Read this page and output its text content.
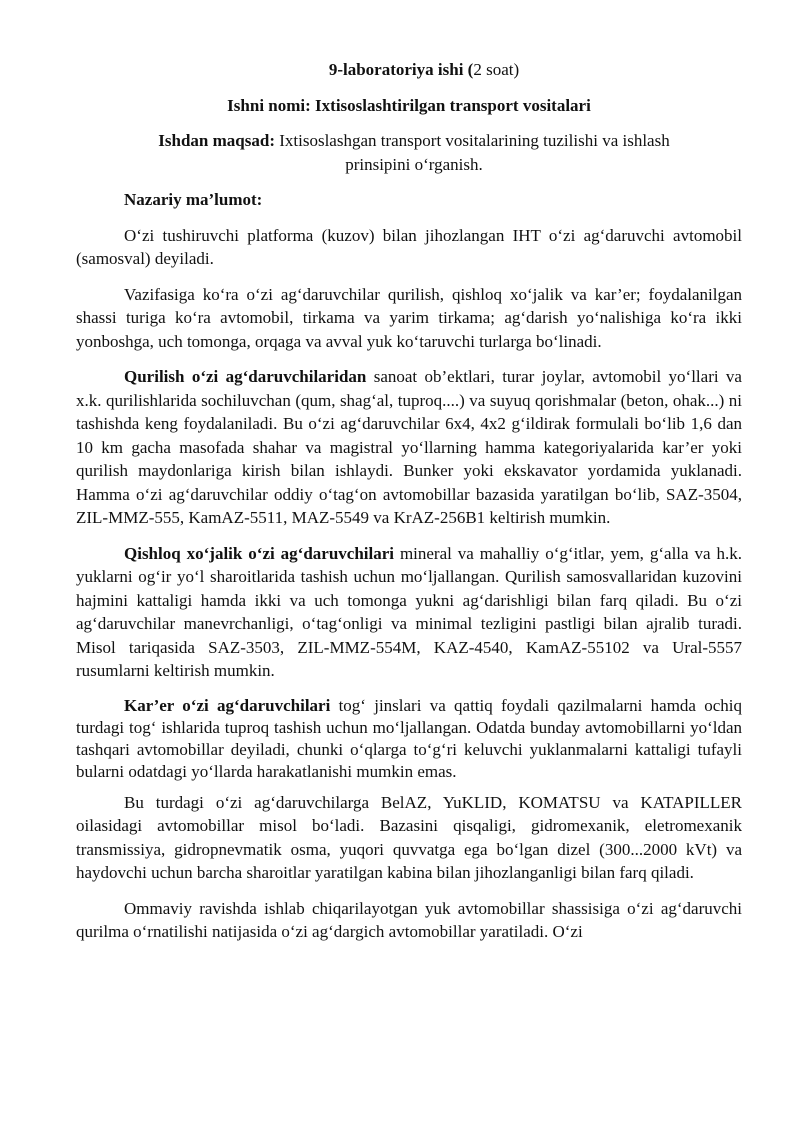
9-laboratoriya ishi (2 soat)

Ishni nomi: Ixtisoslashtirilgan transport vositalari

Ishdan maqsad: Ixtisoslashgan transport vositalarining tuzilishi va ishlash prinsipini o‘rganish.

Nazariy ma’lumot:

O‘zi tushiruvchi platforma (kuzov) bilan jihozlangan IHT o‘zi ag‘daruvchi avtomobil (samosval) deyiladi.

Vazifasiga ko‘ra o‘zi ag‘daruvchilar qurilish, qishloq xo‘jalik va kar’er; foydalanilgan shassi turiga ko‘ra avtomobil, tirkama va yarim tirkama; ag‘darish yo‘nalishiga ko‘ra ikki yonboshga, uch tomonga, orqaga va avval yuk ko‘taruvchi turlarga bo‘linadi.

Qurilish o‘zi ag‘daruvchilaridan sanoat ob’ektlari, turar joylar, avtomobil yo‘llari va x.k. qurilishlarida sochiluvchan (qum, shag‘al, tuproq....) va suyuq qorishmalar (beton, ohak...) ni tashishda keng foydalaniladi. Bu o‘zi ag‘daruvchilar 6x4, 4x2 g‘ildirak formulali bo‘lib 1,6 dan 10 km gacha masofada shahar va magistral yo‘llarning hamma kategoriyalarida kar’er yoki qurilish maydonlariga kirish bilan ishlaydi. Bunker yoki ekskavator yordamida yuklanadi. Hamma o‘zi ag‘daruvchilar oddiy o‘tag‘on avtomobillar bazasida yaratilgan bo‘lib, SAZ-3504, ZIL-MMZ-555, KamAZ-5511, MAZ-5549 va KrAZ-256B1 keltirish mumkin.

Qishloq xo‘jalik o‘zi ag‘daruvchilari mineral va mahalliy o‘g‘itlar, yem, g‘alla va h.k. yuklarni og‘ir yo‘l sharoitlarida tashish uchun mo‘ljallangan. Qurilish samosvallaridan kuzovini hajmini kattaligi hamda ikki va uch tomonga yukni ag‘darishligi bilan farq qiladi. Bu o‘zi ag‘daruvchilar manevrchanligi, o‘tag‘onligi va minimal tezligini pastligi bilan ajralib turadi. Misol tariqasida SAZ-3503, ZIL-MMZ-554M, KAZ-4540, KamAZ-55102 va Ural-5557 rusumlarni keltirish mumkin.

Kar’er o‘zi ag‘daruvchilari tog‘ jinslari va qattiq foydali qazilmalarni hamda ochiq turdagi tog‘ ishlarida tuproq tashish uchun mo‘ljallangan. Odatda bunday avtomobillarni yo‘ldan tashqari avtomobillar deyiladi, chunki o‘qlarga to‘g‘ri keluvchi yuklanmalarni kattaligi tufayli bularni odatdagi yo‘llarda harakatlanishi mumkin emas.

Bu turdagi o‘zi ag‘daruvchilarga BelAZ, YuKLID, KOMATSU va KATAPILLER oilasidagi avtomobillar misol bo‘ladi. Bazasini qisqaligi, gidromexanik, eletromexanik transmissiya, gidropnevmatik osma, yuqori quvvatga ega bo‘lgan dizel (300...2000 kVt) va haydovchi uchun barcha sharoitlar yaratilgan kabina bilan jihozlanganligi bilan farq qiladi.

Ommaviy ravishda ishlab chiqarilayotgan yuk avtomobillar shassisiga o‘zi ag‘daruvchi qurilma o‘rnatilishi natijasida o‘zi ag‘dargich avtomobillar yaratiladi. O‘zi
